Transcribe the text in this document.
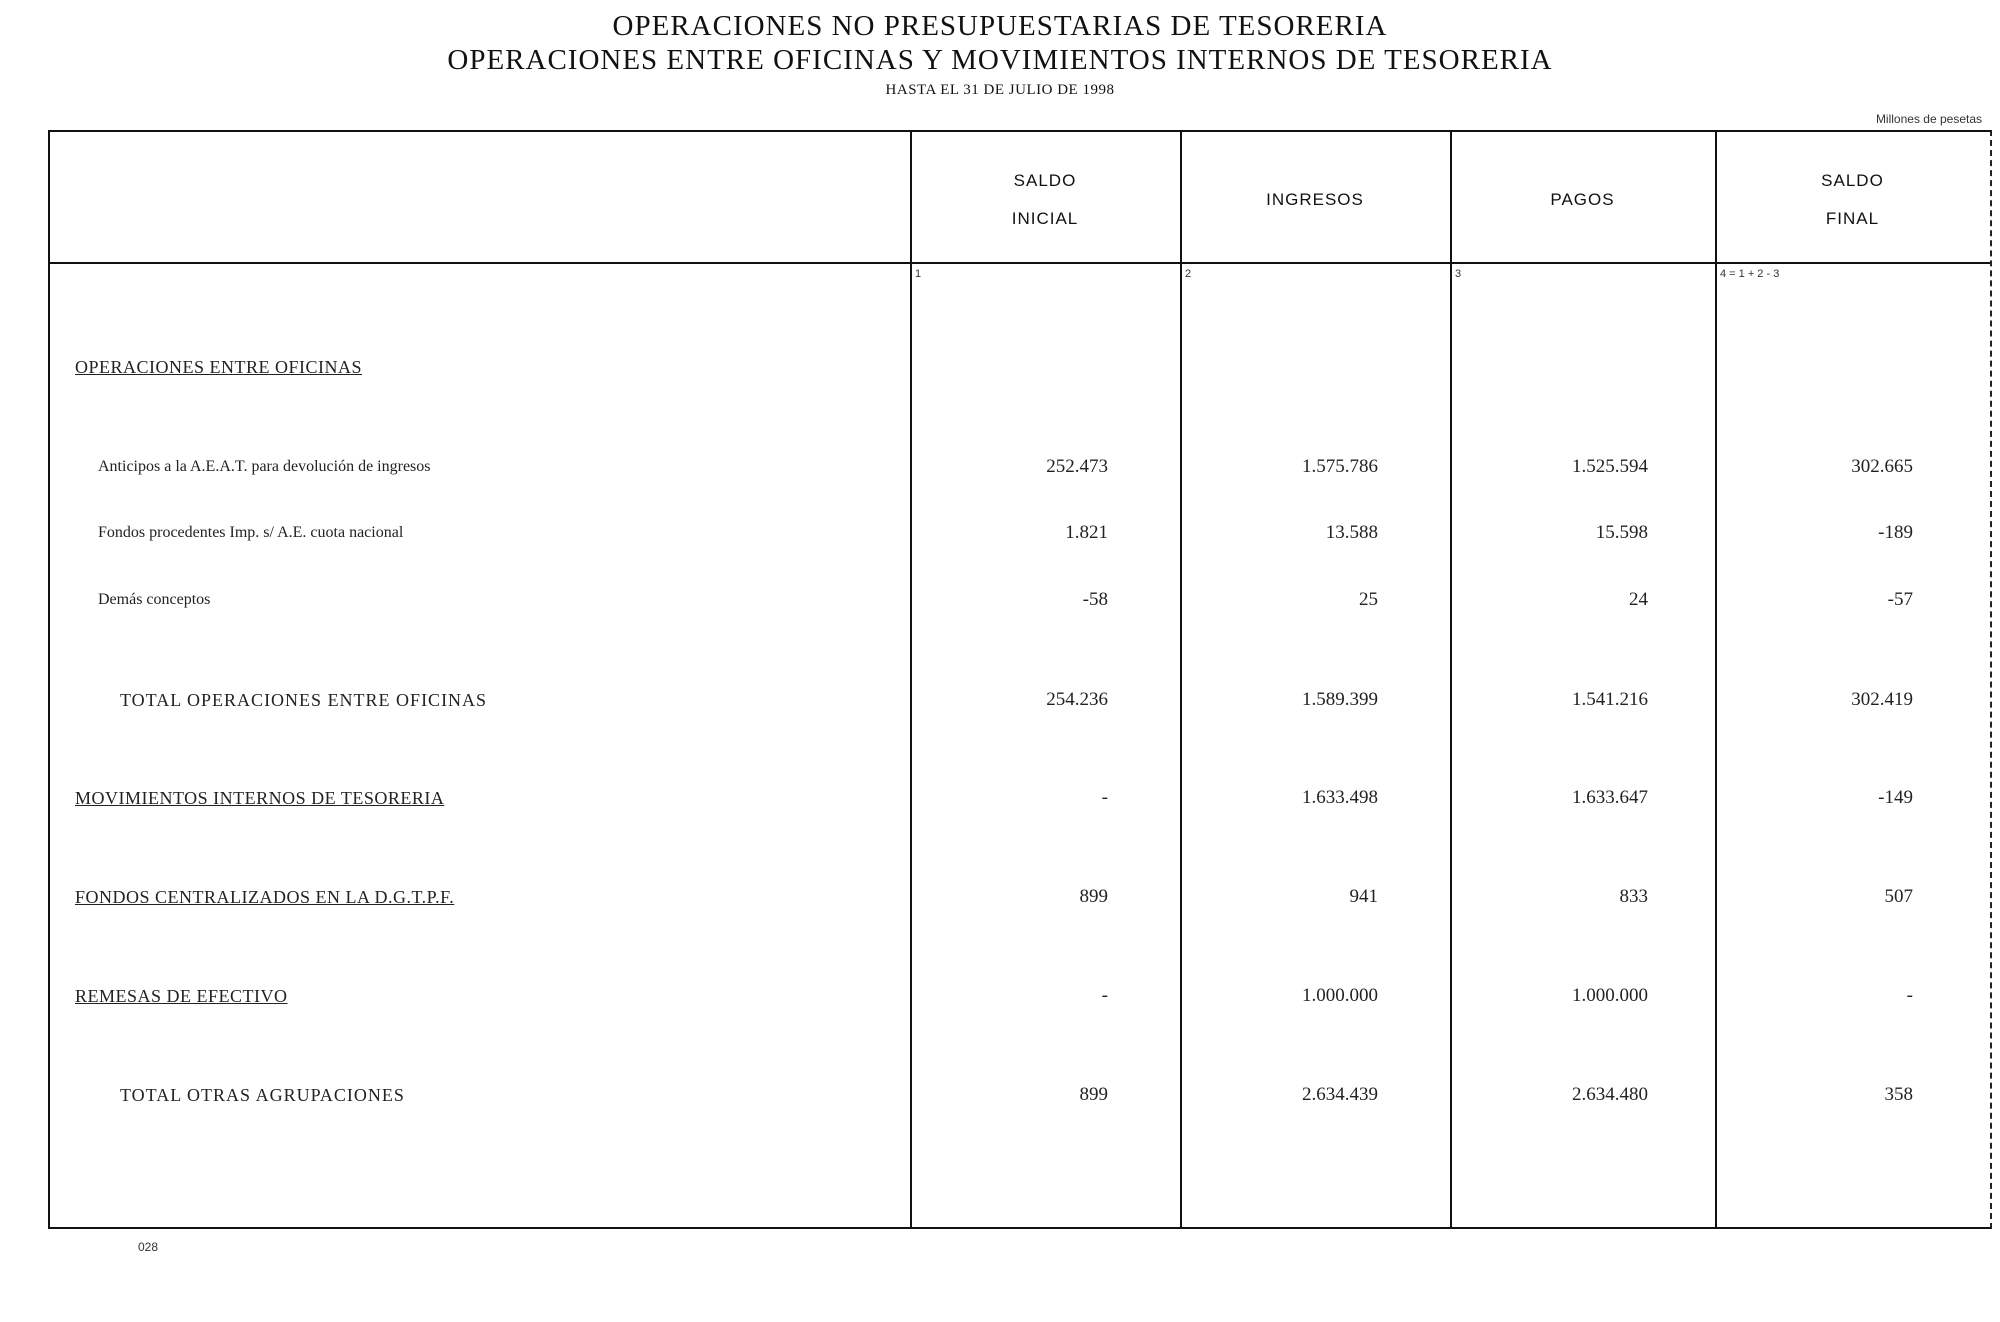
OPERACIONES NO PRESUPUESTARIAS DE TESORERIA
OPERACIONES ENTRE OFICINAS Y MOVIMIENTOS INTERNOS DE TESORERIA
HASTA EL 31 DE JULIO DE 1998
Millones de pesetas
SALDO
INICIAL
INGRESOS	PAGOS
SALDO
FINAL
1	2	3	4 = 1 + 2 - 3
OPERACIONES ENTRE OFICINAS
Anticipos a la A.E.A.T. para devolución de ingresos	252.473	1.575.786	1.525.594	302.665
Fondos procedentes Imp. s/ A.E. cuota nacional	1.821	13.588	15.598	-189
Demás conceptos	-58	25	24	-57
TOTAL OPERACIONES ENTRE OFICINAS	254.236	1.589.399	1.541.216	302.419
MOVIMIENTOS INTERNOS DE TESORERIA	-	1.633.498	1.633.647	-149
FONDOS CENTRALIZADOS EN LA D.G.T.P.F.	899	941	833	507
REMESAS DE EFECTIVO	-	1.000.000	1.000.000	-
TOTAL OTRAS AGRUPACIONES	899	2.634.439	2.634.480	358
028
